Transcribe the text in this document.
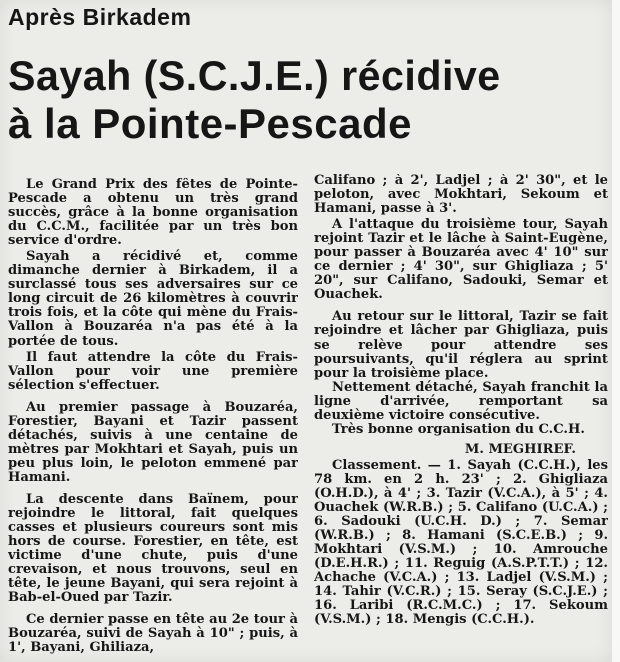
Après Birkadem
Sayah (S.C.J.E.) récidive
à la Pointe-Pescade

Le Grand Prix des fêtes de Pointe-Pescade a obtenu un très grand succès, grâce à la bonne organisation du C.C.M., facilitée par un très bon service d'ordre.

Sayah a récidivé et, comme dimanche dernier à Birkadem, il a surclassé tous ses adversaires sur ce long circuit de 26 kilomètres à couvrir trois fois, et la côte qui mène du Frais-Vallon à Bouzaréa n'a pas été à la portée de tous.

Il faut attendre la côte du Frais-Vallon pour voir une première sélection s'effectuer.

Au premier passage à Bouzaréa, Forestier, Bayani et Tazir passent détachés, suivis à une centaine de mètres par Mokhtari et Sayah, puis un peu plus loin, le peloton emmené par Hamani.

La descente dans Baïnem, pour rejoindre le littoral, fait quelques casses et plusieurs coureurs sont mis hors de course. Forestier, en tête, est victime d'une chute, puis d'une crevaison, et nous trouvons, seul en tête, le jeune Bayani, qui sera rejoint à Bab-el-Oued par Tazir.

Ce dernier passe en tête au 2e tour à Bouzaréa, suivi de Sayah à 10" ; puis, à 1', Bayani, Ghiliaza,

Califano ; à 2', Ladjel ; à 2' 30", et le peloton, avec Mokhtari, Sekoum et Hamani, passe à 3'.

A l'attaque du troisième tour, Sayah rejoint Tazir et le lâche à Saint-Eugène, pour passer à Bouzaréa avec 4' 10" sur ce dernier ; 4' 30", sur Ghigliaza ; 5' 20", sur Califano, Sadouki, Semar et Ouachek.

Au retour sur le littoral, Tazir se fait rejoindre et lâcher par Ghigliaza, puis se relève pour attendre ses poursuivants, qu'il réglera au sprint pour la troisième place.

Nettement détaché, Sayah franchit la ligne d'arrivée, remportant sa deuxième victoire consécutive.

Très bonne organisation du C.C.H.

M. MEGHIREF.

Classement. — 1. Sayah (C.C.H.), les 78 km. en 2 h. 23' ; 2. Ghigliaza (O.H.D.), à 4' ; 3. Tazir (V.C.A.), à 5' ; 4. Ouachek (W.R.B.) ; 5. Califano (U.C.A.) ; 6. Sadouki (U.C.H. D.) ; 7. Semar (W.R.B.) ; 8. Hamani (S.C.E.B.) ; 9. Mokhtari (V.S.M.) ; 10. Amrouche (D.E.H.R.) ; 11. Reguig (A.S.P.T.T.) ; 12. Achache (V.C.A.) ; 13. Ladjel (V.S.M.) ; 14. Tahir (V.C.R.) ; 15. Seray (S.C.J.E.) ; 16. Laribi (R.C.M.C.) ; 17. Sekoum (V.S.M.) ; 18. Mengis (C.C.H.).
